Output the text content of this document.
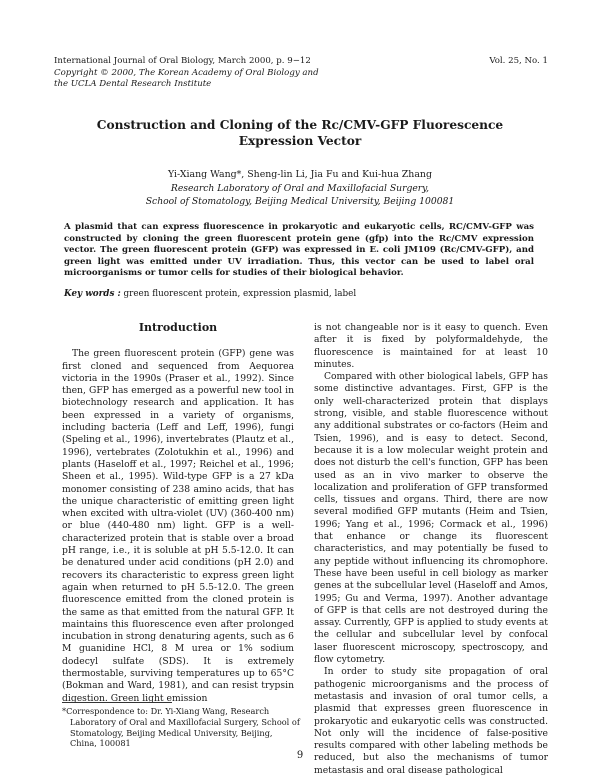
International Journal of Oral Biology, March 2000, p. 9−12
Copyright © 2000, The Korean Academy of Oral Biology and
the UCLA Dental Research Institute
Vol. 25, No. 1
Construction and Cloning of the Rc/CMV-GFP Fluorescence
Expression Vector
Yi-Xiang Wang*, Sheng-lin Li, Jia Fu and Kui-hua Zhang
Research Laboratory of Oral and Maxillofacial Surgery,
School of Stomatology, Beijing Medical University, Beijing 100081
A plasmid that can express fluorescence in prokaryotic and eukaryotic cells, RC/CMV-GFP was constructed by cloning the green fluorescent protein gene (gfp) into the Rc/CMV expression vector. The green fluorescent protein (GFP) was expressed in E. coli JM109 (Rc/CMV-GFP), and green light was emitted under UV irradiation. Thus, this vector can be used to label oral microorganisms or tumor cells for studies of their biological behavior.
Key words : green fluorescent protein, expression plasmid, label
Introduction

The green fluorescent protein (GFP) gene was first cloned and sequenced from Aequorea victoria in the 1990s (Praser et al., 1992). Since then, GFP has emerged as a powerful new tool in biotechnology research and application. It has been expressed in a variety of organisms, including bacteria (Leff and Leff, 1996), fungi (Speling et al., 1996), invertebrates (Plautz et al., 1996), vertebrates (Zolotukhin et al., 1996) and plants (Haseloff et al., 1997; Reichel et al., 1996; Sheen et al., 1995). Wild-type GFP is a 27 kDa monomer consisting of 238 amino acids, that has the unique characteristic of emitting green light when excited with ultra-violet (UV) (360-400 nm) or blue (440-480 nm) light. GFP is a well-characterized protein that is stable over a broad pH range, i.e., it is soluble at pH 5.5-12.0. It can be denatured under acid conditions (pH 2.0) and recovers its characteristic to express green light again when returned to pH 5.5-12.0. The green fluorescence emitted from the cloned protein is the same as that emitted from the natural GFP. It maintains this fluorescence even after prolonged incubation in strong denaturing agents, such as 6 M guanidine HCl, 8 M urea or 1% sodium dodecyl sulfate (SDS). It is extremely thermostable, surviving temperatures up to 65°C (Bokman and Ward, 1981), and can resist trypsin digestion. Green light emission

is not changeable nor is it easy to quench. Even after it is fixed by polyformaldehyde, the fluorescence is maintained for at least 10 minutes.

Compared with other biological labels, GFP has some distinctive advantages. First, GFP is the only well-characterized protein that displays strong, visible, and stable fluorescence without any additional substrates or co-factors (Heim and Tsien, 1996), and is easy to detect. Second, because it is a low molecular weight protein and does not disturb the cell's function, GFP has been used as an in vivo marker to observe the localization and proliferation of GFP transformed cells, tissues and organs. Third, there are now several modified GFP mutants (Heim and Tsien, 1996; Yang et al., 1996; Cormack et al., 1996) that enhance or change its fluorescent characteristics, and may potentially be fused to any peptide without influencing its chromophore. These have been useful in cell biology as marker genes at the subcellular level (Haseloff and Amos, 1995; Gu and Verma, 1997). Another advantage of GFP is that cells are not destroyed during the assay. Currently, GFP is applied to study events at the cellular and subcellular level by confocal laser fluorescent microscopy, spectroscopy, and flow cytometry.

In order to study site propagation of oral pathogenic microorganisms and the process of metastasis and invasion of oral tumor cells, a plasmid that expresses green fluorescence in prokaryotic and eukaryotic cells was constructed. Not only will the incidence of false-positive results compared with other labeling methods be reduced, but also the mechanisms of tumor metastasis and oral disease pathological

*Correspondence to: Dr. Yi-Xiang Wang, Research Laboratory of Oral and Maxillofacial Surgery, School of Stomatology, Beijing Medical University, Beijing, China, 100081
9
